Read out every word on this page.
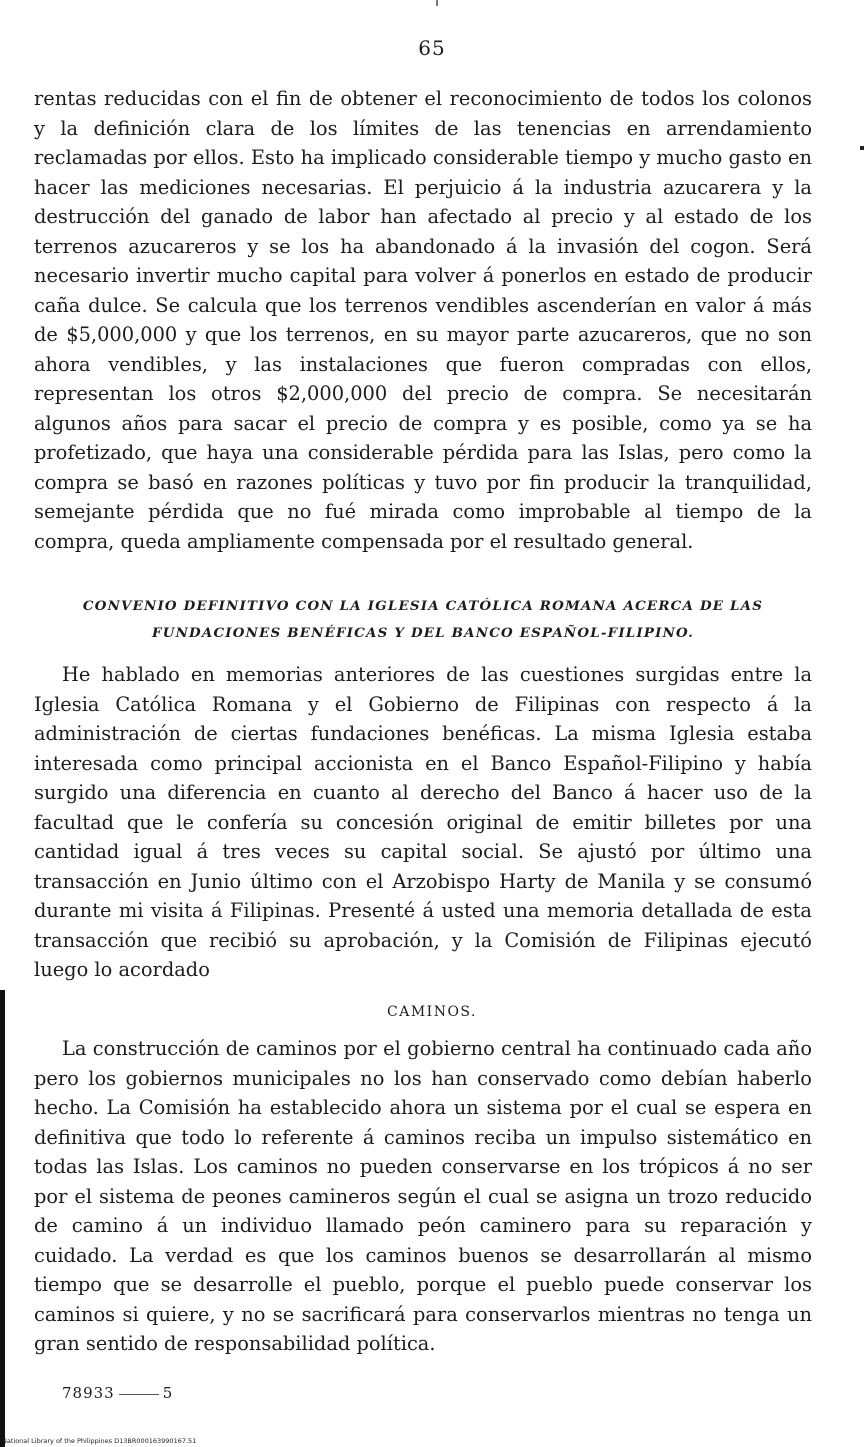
65

rentas reducidas con el fin de obtener el reconocimiento de todos los colonos y la definición clara de los límites de las tenencias en arrendamiento reclamadas por ellos. Esto ha implicado considerable tiempo y mucho gasto en hacer las mediciones necesarias. El perjuicio á la industria azucarera y la destrucción del ganado de labor han afectado al precio y al estado de los terrenos azucareros y se los ha abandonado á la invasión del cogon. Será necesario invertir mucho capital para volver á ponerlos en estado de producir caña dulce. Se calcula que los terrenos vendibles ascenderían en valor á más de $5,000,000 y que los terrenos, en su mayor parte azucareros, que no son ahora vendibles, y las instalaciones que fueron compradas con ellos, representan los otros $2,000,000 del precio de compra. Se necesitarán algunos años para sacar el precio de compra y es posible, como ya se ha profetizado, que haya una considerable pérdida para las Islas, pero como la compra se basó en razones políticas y tuvo por fin producir la tranquilidad, semejante pérdida que no fué mirada como improbable al tiempo de la compra, queda ampliamente compensada por el resultado general.

CONVENIO DEFINITIVO CON LA IGLESIA CATÓLICA ROMANA ACERCA DE LAS
FUNDACIONES BENÉFICAS Y DEL BANCO ESPAÑOL-FILIPINO.

He hablado en memorias anteriores de las cuestiones surgidas entre la Iglesia Católica Romana y el Gobierno de Filipinas con respecto á la administración de ciertas fundaciones benéficas. La misma Iglesia estaba interesada como principal accionista en el Banco Español-Filipino y había surgido una diferencia en cuanto al derecho del Banco á hacer uso de la facultad que le confería su concesión original de emitir billetes por una cantidad igual á tres veces su capital social. Se ajustó por último una transacción en Junio último con el Arzobispo Harty de Manila y se consumó durante mi visita á Filipinas. Presenté á usted una memoria detallada de esta transacción que recibió su aprobación, y la Comisión de Filipinas ejecutó luego lo acordado

CAMINOS.

La construcción de caminos por el gobierno central ha continuado cada año pero los gobiernos municipales no los han conservado como debían haberlo hecho. La Comisión ha establecido ahora un sistema por el cual se espera en definitiva que todo lo referente á caminos reciba un impulso sistemático en todas las Islas. Los caminos no pueden conservarse en los trópicos á no ser por el sistema de peones camineros según el cual se asigna un trozo reducido de camino á un individuo llamado peón caminero para su reparación y cuidado. La verdad es que los caminos buenos se desarrollarán al mismo tiempo que se desarrolle el pueblo, porque el pueblo puede conservar los caminos si quiere, y no se sacrificará para conservarlos mientras no tenga un gran sentido de responsabilidad política.

78933	5
National Library of the Philippines D13BR000163990167.51
